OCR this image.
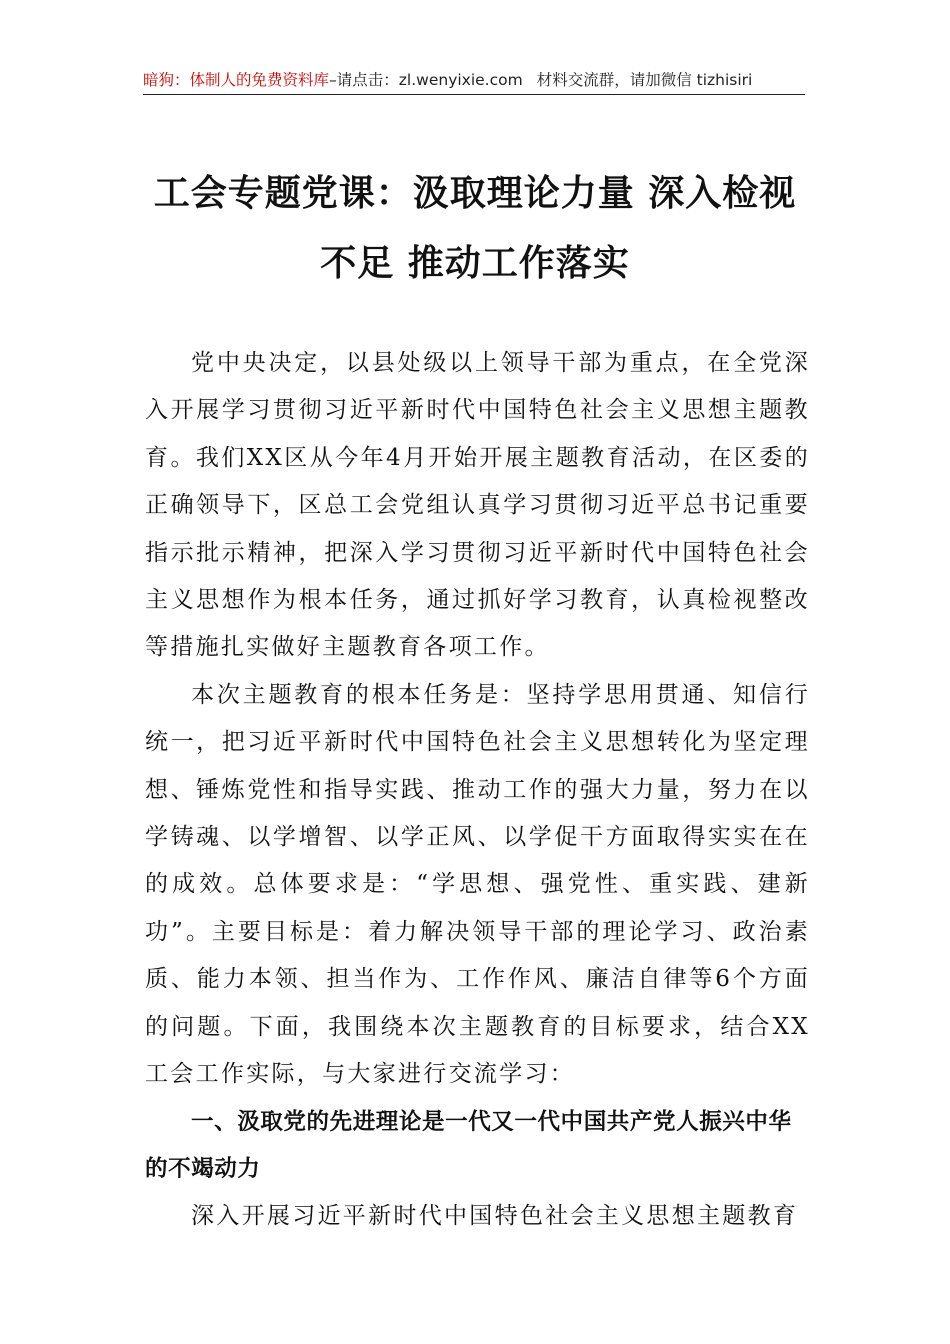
暗狗：体制人的免费资料库–请点击：zl.wenyixie.com 材料交流群，请加微信 tizhisiri
工会专题党课：汲取理论力量 深入检视不足 推动工作落实

党中央决定，以县处级以上领导干部为重点，在全党深入开展学习贯彻习近平新时代中国特色社会主义思想主题教育。我们XX区从今年4月开始开展主题教育活动，在区委的正确领导下，区总工会党组认真学习贯彻习近平总书记重要指示批示精神，把深入学习贯彻习近平新时代中国特色社会主义思想作为根本任务，通过抓好学习教育，认真检视整改等措施扎实做好主题教育各项工作。

本次主题教育的根本任务是：坚持学思用贯通、知信行统一，把习近平新时代中国特色社会主义思想转化为坚定理想、锤炼党性和指导实践、推动工作的强大力量，努力在以学铸魂、以学增智、以学正风、以学促干方面取得实实在在的成效。总体要求是：“学思想、强党性、重实践、建新功”。主要目标是：着力解决领导干部的理论学习、政治素质、能力本领、担当作为、工作作风、廉洁自律等6个方面的问题。下面，我围绕本次主题教育的目标要求，结合XX工会工作实际，与大家进行交流学习：

一、汲取党的先进理论是一代又一代中国共产党人振兴中华的不竭动力

深入开展习近平新时代中国特色社会主义思想主题教育
